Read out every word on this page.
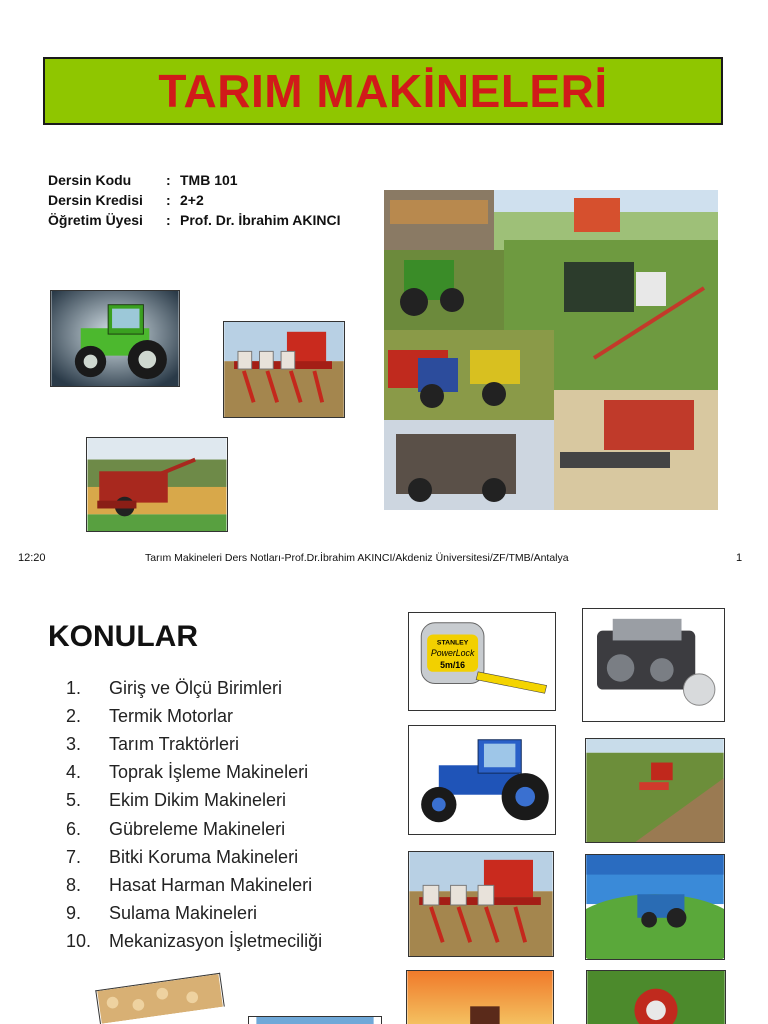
TARIM MAKİNELERİ
Dersin Kodu	: TMB 101
Dersin Kredisi	: 2+2
Öğretim Üyesi	: Prof. Dr. İbrahim AKINCI
12:20	Tarım Makineleri Ders Notları-Prof.Dr.İbrahim AKINCI/Akdeniz Üniversitesi/ZF/TMB/Antalya	1
KONULAR
1.	Giriş ve Ölçü Birimleri
2.	Termik Motorlar
3.	Tarım Traktörleri
4.	Toprak İşleme Makineleri
5.	Ekim Dikim Makineleri
6.	Gübreleme Makineleri
7.	Bitki Koruma Makineleri
8.	Hasat Harman Makineleri
9.	Sulama Makineleri
10. Mekanizasyon İşletmeciliği
STANLEY
PowerLock
5m/16
